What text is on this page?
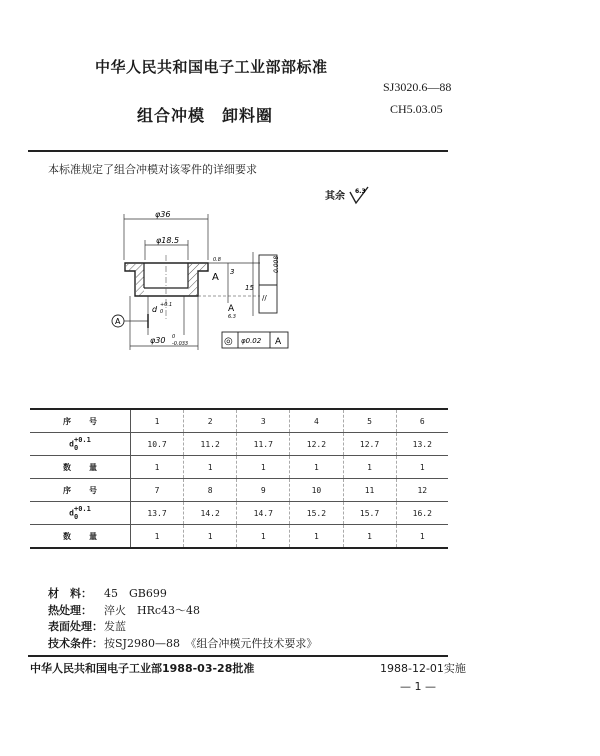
中华人民共和国电子工业部部标准
SJ3020.6—88
CH5.03.05
组合冲模　卸料圈
本标准规定了组合冲模对该零件的详细要求
其余 6.3
φ36
φ18.5
d +0.1
0
A
φ30 0
-0.033
3
0.8
A
A
6.3
15
0.008
//
◎ φ0.02 A
序号	1	2	3	4	5	6
d+0.1
0	10.7	11.2	11.7	12.2	12.7	13.2
数量	1	1	1	1	1	1
序号	7	8	9	10	11	12
d+0.1
0	13.7	14.2	14.7	15.2	15.7	16.2
数量	1	1	1	1	1	1
材　料： 45　GB699
热处理： 淬火　HRc43～48
表面处理：发蓝
技术条件：按SJ2980—88　《组合冲模元件技术要求》
中华人民共和国电子工业部1988-03-28批准	1988-12-01实施
— 1 —
